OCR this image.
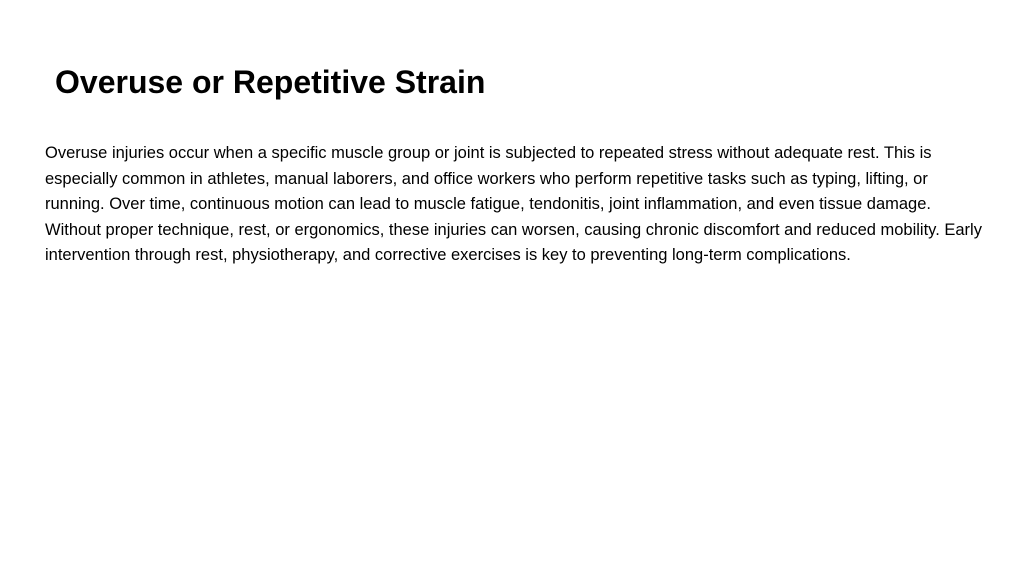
Overuse or Repetitive Strain

Overuse injuries occur when a specific muscle group or joint is subjected to repeated stress without adequate rest. This is especially common in athletes, manual laborers, and office workers who perform repetitive tasks such as typing, lifting, or running. Over time, continuous motion can lead to muscle fatigue, tendonitis, joint inflammation, and even tissue damage. Without proper technique, rest, or ergonomics, these injuries can worsen, causing chronic discomfort and reduced mobility. Early intervention through rest, physiotherapy, and corrective exercises is key to preventing long-term complications.
